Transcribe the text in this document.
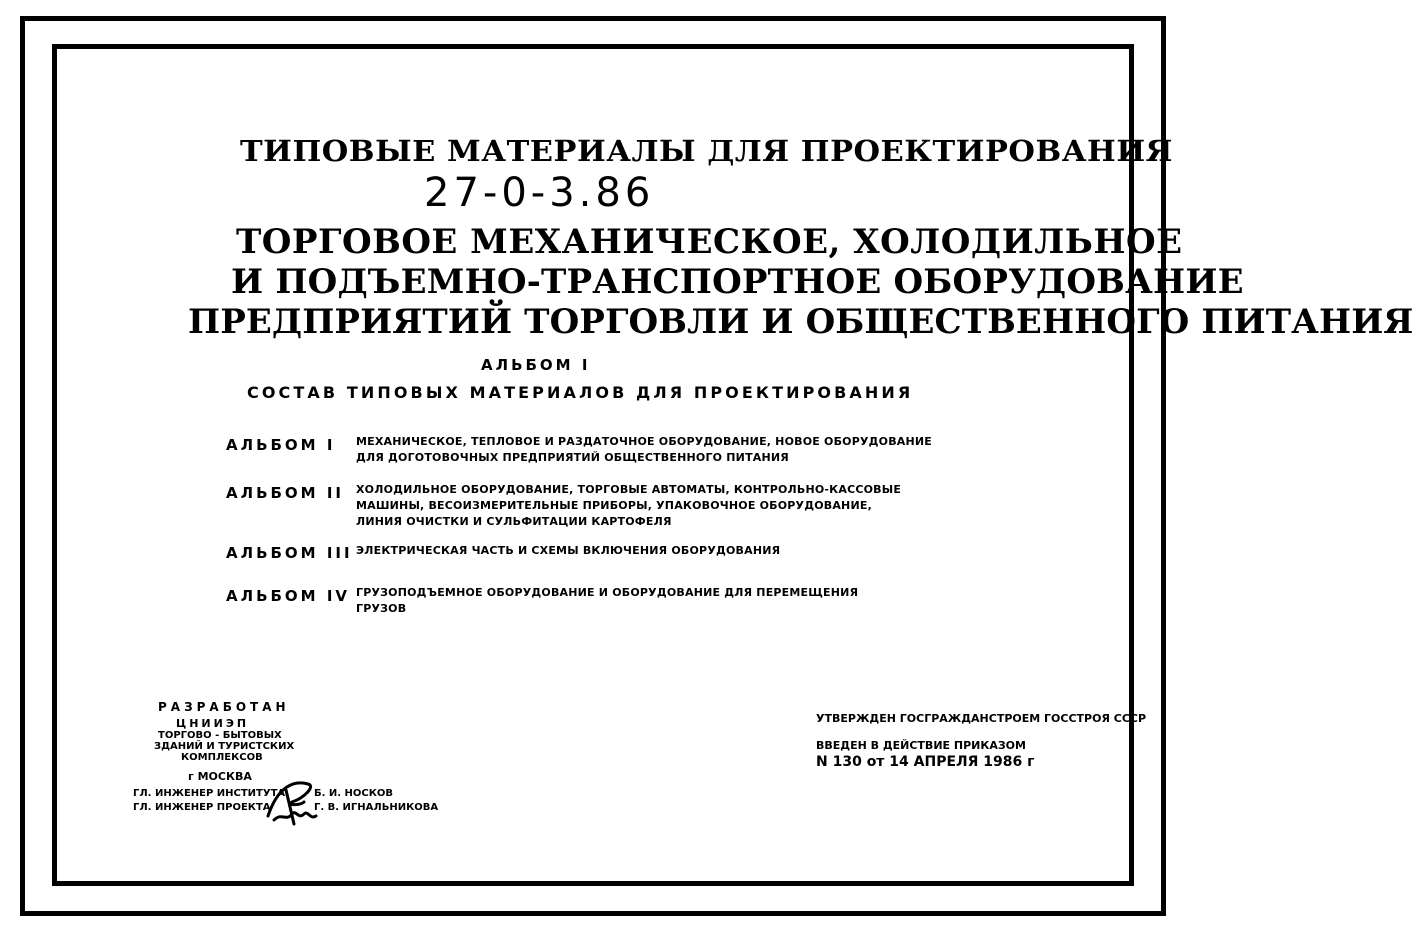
ТИПОВЫЕ МАТЕРИАЛЫ ДЛЯ ПРОЕКТИРОВАНИЯ
27-0-3.86
ТОРГОВОЕ МЕХАНИЧЕСКОЕ, ХОЛОДИЛЬНОЕ
И ПОДЪЕМНО-ТРАНСПОРТНОЕ ОБОРУДОВАНИЕ
ПРЕДПРИЯТИЙ ТОРГОВЛИ И ОБЩЕСТВЕННОГО ПИТАНИЯ
АЛЬБОМ I
СОСТАВ ТИПОВЫХ МАТЕРИАЛОВ ДЛЯ ПРОЕКТИРОВАНИЯ
АЛЬБОМ I МЕХАНИЧЕСКОЕ, ТЕПЛОВОЕ И РАЗДАТОЧНОЕ ОБОРУДОВАНИЕ, НОВОЕ ОБОРУДОВАНИЕ
ДЛЯ ДОГОТОВОЧНЫХ ПРЕДПРИЯТИЙ ОБЩЕСТВЕННОГО ПИТАНИЯ
АЛЬБОМ II ХОЛОДИЛЬНОЕ ОБОРУДОВАНИЕ, ТОРГОВЫЕ АВТОМАТЫ, КОНТРОЛЬНО-КАССОВЫЕ
МАШИНЫ, ВЕСОИЗМЕРИТЕЛЬНЫЕ ПРИБОРЫ, УПАКОВОЧНОЕ ОБОРУДОВАНИЕ,
ЛИНИЯ ОЧИСТКИ И СУЛЬФИТАЦИИ КАРТОФЕЛЯ
АЛЬБОМ III ЭЛЕКТРИЧЕСКАЯ ЧАСТЬ И СХЕМЫ ВКЛЮЧЕНИЯ ОБОРУДОВАНИЯ
АЛЬБОМ IV ГРУЗОПОДЪЕМНОЕ ОБОРУДОВАНИЕ И ОБОРУДОВАНИЕ ДЛЯ ПЕРЕМЕЩЕНИЯ
ГРУЗОВ
РАЗРАБОТАН
ЦНИИЭП
ТОРГОВО - БЫТОВЫХ
ЗДАНИЙ И ТУРИСТСКИХ
КОМПЛЕКСОВ
г МОСКВА
ГЛ. ИНЖЕНЕР ИНСТИТУТА	Б. И. НОСКОВ
ГЛ. ИНЖЕНЕР ПРОЕКТА	Г. В. ИГНАЛЬНИКОВА
УТВЕРЖДЕН ГОСГРАЖДАНСТРОЕМ ГОССТРОЯ СССР
ВВЕДЕН В ДЕЙСТВИЕ ПРИКАЗОМ
N 130 от 14 АПРЕЛЯ 1986 г
